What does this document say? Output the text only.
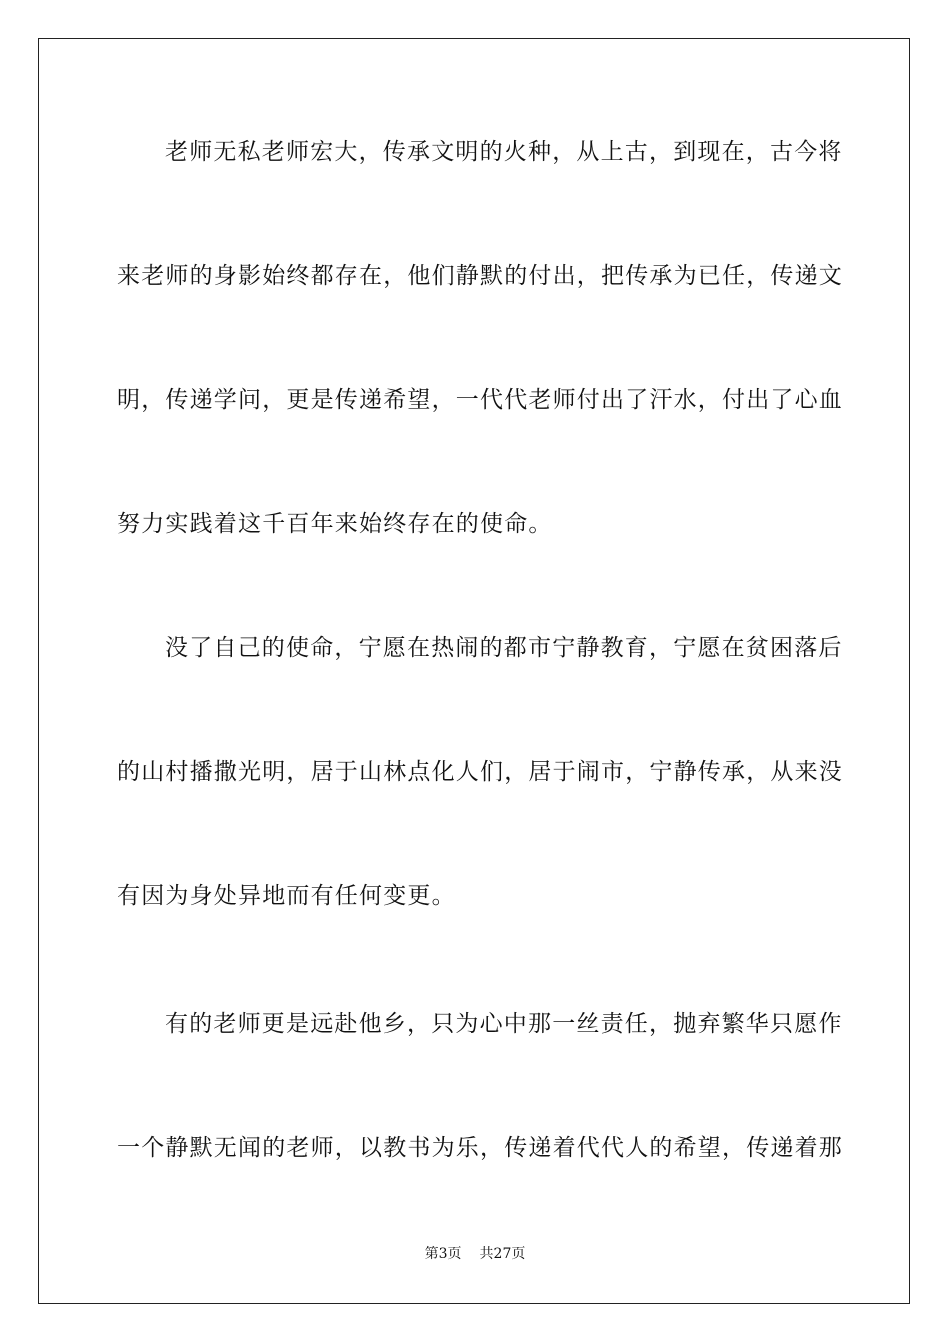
老师无私老师宏大，传承文明的火种，从上古，到现在，古今将
来老师的身影始终都存在，他们静默的付出，把传承为已任，传递文
明，传递学问，更是传递希望，一代代老师付出了汗水，付出了心血
努力实践着这千百年来始终存在的使命。
没了自己的使命，宁愿在热闹的都市宁静教育，宁愿在贫困落后
的山村播撒光明，居于山林点化人们，居于闹市，宁静传承，从来没
有因为身处异地而有任何变更。
有的老师更是远赴他乡，只为心中那一丝责任，抛弃繁华只愿作
一个静默无闻的老师，以教书为乐，传递着代代人的希望，传递着那
第3页 共27页
